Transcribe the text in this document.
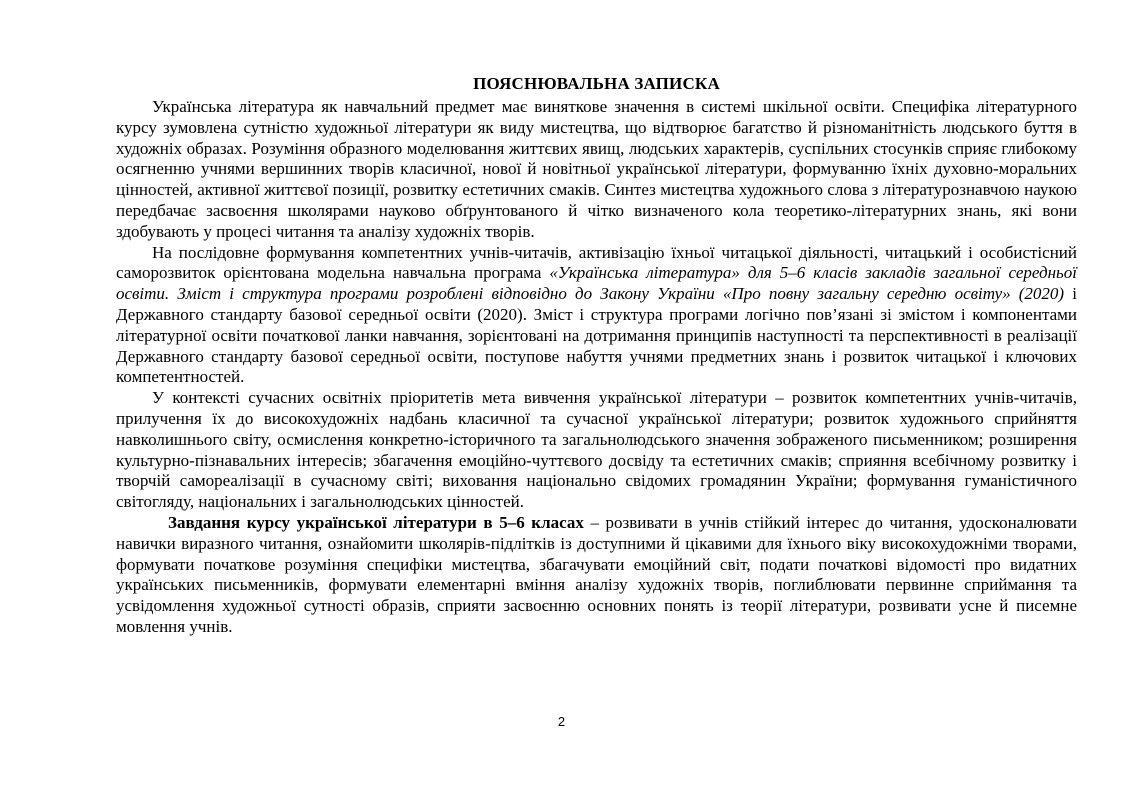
ПОЯСНЮВАЛЬНА ЗАПИСКА

Українська література як навчальний предмет має виняткове значення в системі шкільної освіти. Специфіка літературного курсу зумовлена сутністю художньої літератури як виду мистецтва, що відтворює багатство й різноманітність людського буття в художніх образах. Розуміння образного моделювання життєвих явищ, людських характерів, суспільних стосунків сприяє глибокому осягненню учнями вершинних творів класичної, нової й новітньої української літератури, формуванню їхніх духовно-моральних цінностей, активної життєвої позиції, розвитку естетичних смаків. Синтез мистецтва художнього слова з літературознавчою наукою передбачає засвоєння школярами науково обґрунтованого й чітко визначеного кола теоретико-літературних знань, які вони здобувають у процесі читання та аналізу художніх творів.

На послідовне формування компетентних учнів-читачів, активізацію їхньої читацької діяльності, читацький і особистісний саморозвиток орієнтована модельна навчальна програма «Українська література» для 5–6 класів закладів загальної середньої освіти. Зміст і структура програми розроблені відповідно до Закону України «Про повну загальну середню освіту» (2020) і Державного стандарту базової середньої освіти (2020). Зміст і структура програми логічно пов’язані зі змістом і компонентами літературної освіти початкової ланки навчання, зорієнтовані на дотримання принципів наступності та перспективності в реалізації Державного стандарту базової середньої освіти, поступове набуття учнями предметних знань і розвиток читацької і ключових компетентностей.

У контексті сучасних освітніх пріоритетів мета вивчення української літератури – розвиток компетентних учнів-читачів, прилучення їх до високохудожніх надбань класичної та сучасної української літератури; розвиток художнього сприйняття навколишнього світу, осмислення конкретно-історичного та загальнолюдського значення зображеного письменником; розширення культурно-пізнавальних інтересів; збагачення емоційно-чуттєвого досвіду та естетичних смаків; сприяння всебічному розвитку і творчій самореалізації в сучасному світі; виховання національно свідомих громадянин України; формування гуманістичного світогляду, національних і загальнолюдських цінностей.

Завдання курсу української літератури в 5–6 класах – розвивати в учнів стійкий інтерес до читання, удосконалювати навички виразного читання, ознайомити школярів-підлітків із доступними й цікавими для їхнього віку високохудожніми творами, формувати початкове розуміння специфіки мистецтва, збагачувати емоційний світ, подати початкові відомості про видатних українських письменників, формувати елементарні вміння аналізу художніх творів, поглиблювати первинне сприймання та усвідомлення художньої сутності образів, сприяти засвоєнню основних понять із теорії літератури, розвивати усне й писемне мовлення учнів.

2
